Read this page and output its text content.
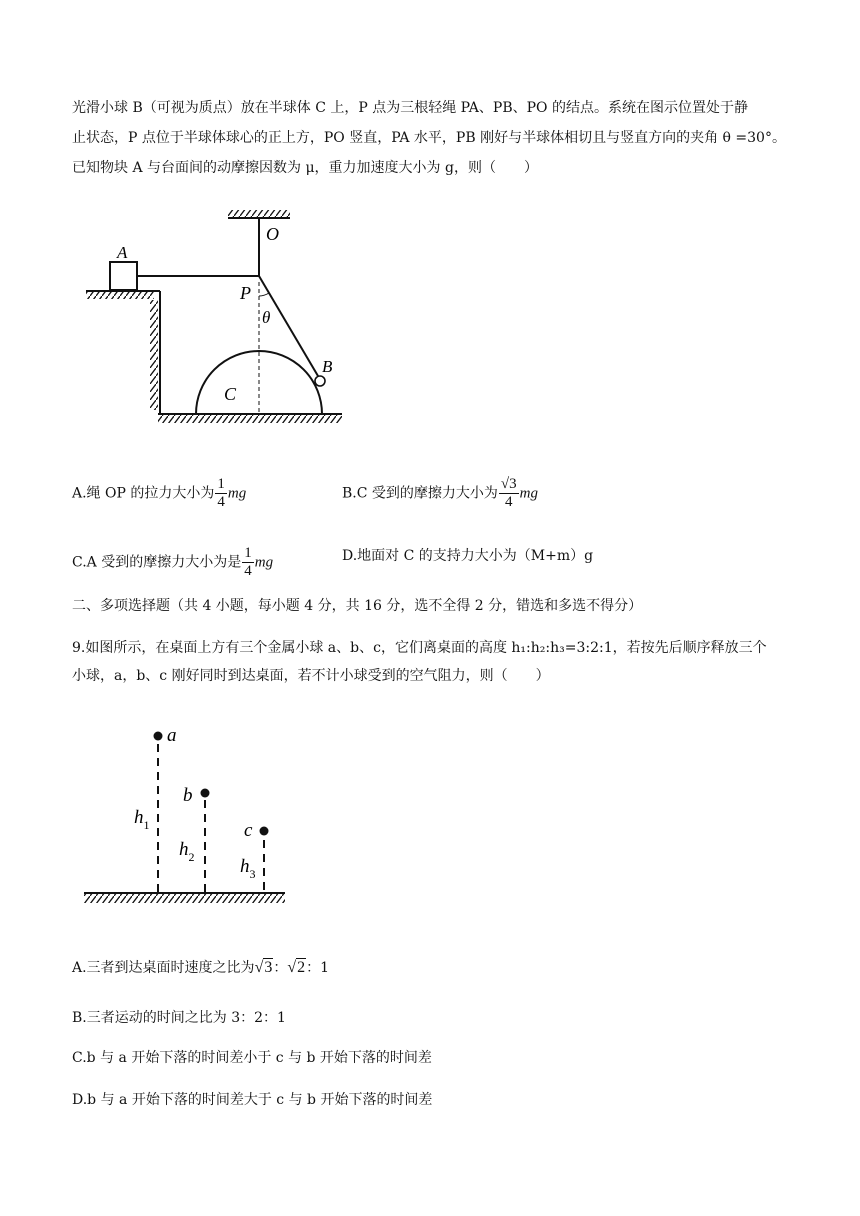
光滑小球 B（可视为质点）放在半球体 C 上，P 点为三根轻绳 PA、PB、PO 的结点。系统在图示位置处于静
止状态，P 点位于半球体球心的正上方，PO 竖直，PA 水平，PB 刚好与半球体相切且与竖直方向的夹角 θ =30°。
已知物块 A 与台面间的动摩擦因数为 μ，重力加速度大小为 g，则（　　）
A
O
P
θ
B
C
A.绳 OP 的拉力大小为 $\frac{1}{4}$ mg	B.C 受到的摩擦力大小为 $\frac{√3}{4}$ mg
C.A 受到的摩擦力大小为是 $\frac{1}{4}$ mg	D.地面对 C 的支持力大小为（M+m）g
二、多项选择题（共 4 小题，每小题 4 分，共 16 分，选不全得 2 分，错选和多选不得分）
9.如图所示，在桌面上方有三个金属小球 a、b、c，它们离桌面的高度 h₁:h₂:h₃=3:2:1，若按先后顺序释放三个
小球，a，b、c 刚好同时到达桌面，若不计小球受到的空气阻力，则（　　）
a
b
c
$h_1$
$h_2$ $h_3$
A.三者到达桌面时速度之比为√3：√2：1
B.三者运动的时间之比为 3：2：1
C.b 与 a 开始下落的时间差小于 c 与 b 开始下落的时间差
D.b 与 a 开始下落的时间差大于 c 与 b 开始下落的时间差
